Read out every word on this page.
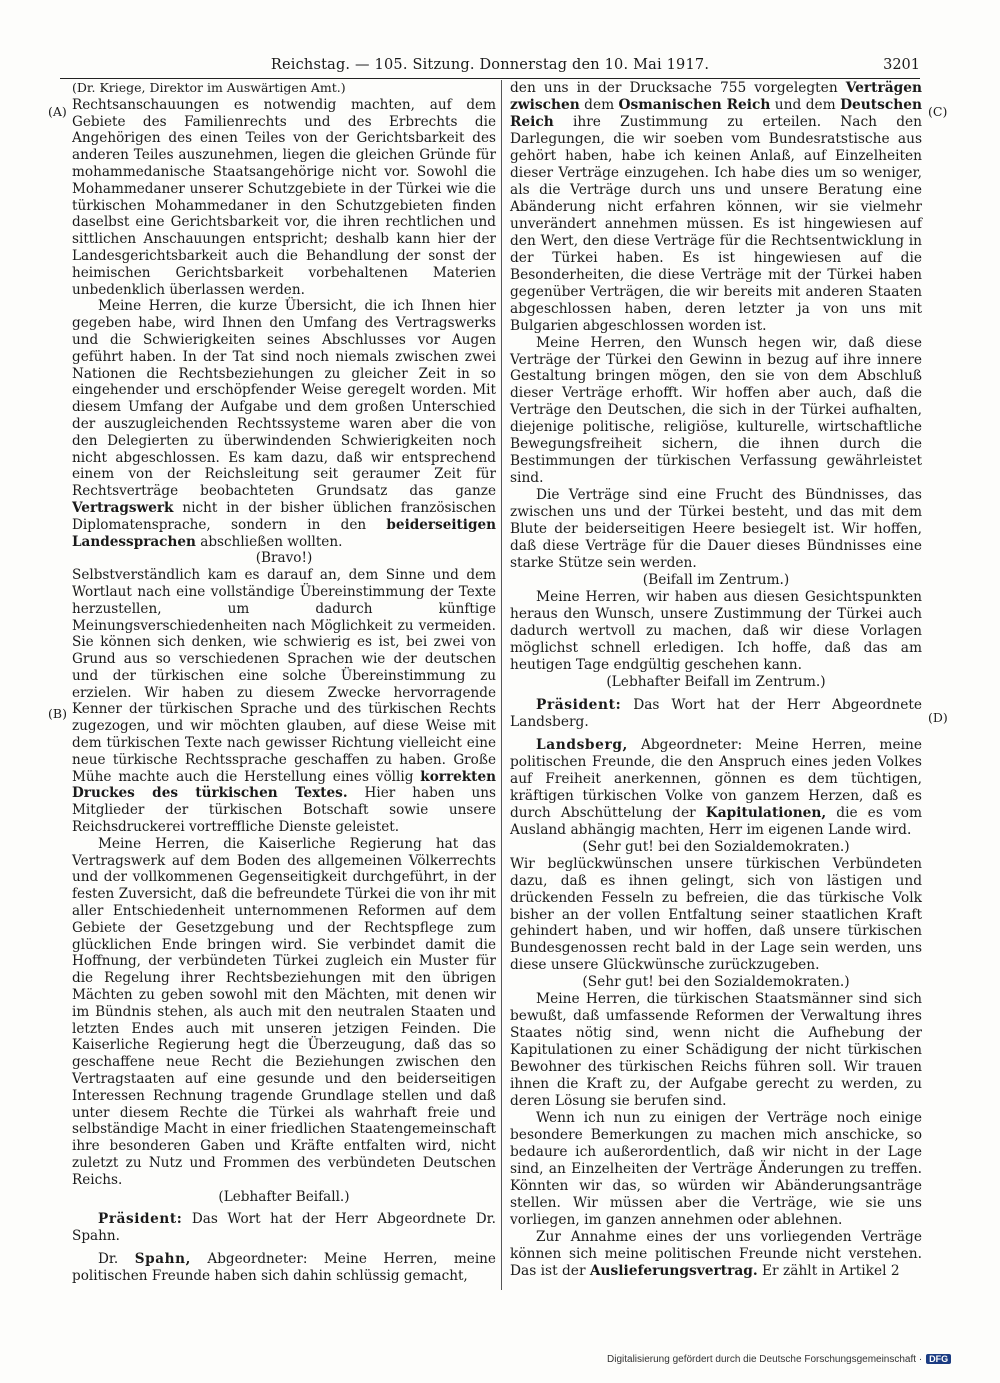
Reichstag. — 105. Sitzung. Donnerstag den 10. Mai 1917.	3201
(A)
(B)
(C)
(D)

(Dr. Kriege, Direktor im Auswärtigen Amt.)

Rechtsanschauungen es notwendig machten, auf dem Gebiete des Familienrechts und des Erbrechts die Angehörigen des einen Teiles von der Gerichtsbarkeit des anderen Teiles auszunehmen, liegen die gleichen Gründe für mohammedanische Staatsangehörige nicht vor. Sowohl die Mohammedaner unserer Schutzgebiete in der Türkei wie die türkischen Mohammedaner in den Schutzgebieten finden daselbst eine Gerichtsbarkeit vor, die ihren rechtlichen und sittlichen Anschauungen entspricht; deshalb kann hier der Landesgerichtsbarkeit auch die Behandlung der sonst der heimischen Gerichtsbarkeit vorbehaltenen Materien unbedenklich überlassen werden.

Meine Herren, die kurze Übersicht, die ich Ihnen hier gegeben habe, wird Ihnen den Umfang des Vertragswerks und die Schwierigkeiten seines Abschlusses vor Augen geführt haben. In der Tat sind noch niemals zwischen zwei Nationen die Rechtsbeziehungen zu gleicher Zeit in so eingehender und erschöpfender Weise geregelt worden. Mit diesem Umfang der Aufgabe und dem großen Unterschied der auszugleichenden Rechtssysteme waren aber die von den Delegierten zu überwindenden Schwierigkeiten noch nicht abgeschlossen. Es kam dazu, daß wir entsprechend einem von der Reichsleitung seit geraumer Zeit für Rechtsverträge beobachteten Grundsatz das ganze Vertragswerk nicht in der bisher üblichen französischen Diplomatensprache, sondern in den beiderseitigen Landessprachen abschließen wollten.

(Bravo!)

Selbstverständlich kam es darauf an, dem Sinne und dem Wortlaut nach eine vollständige Übereinstimmung der Texte herzustellen, um dadurch künftige Meinungsverschiedenheiten nach Möglichkeit zu vermeiden. Sie können sich denken, wie schwierig es ist, bei zwei von Grund aus so verschiedenen Sprachen wie der deutschen und der türkischen eine solche Übereinstimmung zu erzielen. Wir haben zu diesem Zwecke hervorragende Kenner der türkischen Sprache und des türkischen Rechts zugezogen, und wir möchten glauben, auf diese Weise mit dem türkischen Texte nach gewisser Richtung vielleicht eine neue türkische Rechtssprache geschaffen zu haben. Große Mühe machte auch die Herstellung eines völlig korrekten Druckes des türkischen Textes. Hier haben uns Mitglieder der türkischen Botschaft sowie unsere Reichsdruckerei vortreffliche Dienste geleistet.

Meine Herren, die Kaiserliche Regierung hat das Vertragswerk auf dem Boden des allgemeinen Völkerrechts und der vollkommenen Gegenseitigkeit durchgeführt, in der festen Zuversicht, daß die befreundete Türkei die von ihr mit aller Entschiedenheit unternommenen Reformen auf dem Gebiete der Gesetzgebung und der Rechtspflege zum glücklichen Ende bringen wird. Sie verbindet damit die Hoffnung, der verbündeten Türkei zugleich ein Muster für die Regelung ihrer Rechtsbeziehungen mit den übrigen Mächten zu geben sowohl mit den Mächten, mit denen wir im Bündnis stehen, als auch mit den neutralen Staaten und letzten Endes auch mit unseren jetzigen Feinden. Die Kaiserliche Regierung hegt die Überzeugung, daß das so geschaffene neue Recht die Beziehungen zwischen den Vertragstaaten auf eine gesunde und den beiderseitigen Interessen Rechnung tragende Grundlage stellen und daß unter diesem Rechte die Türkei als wahrhaft freie und selbständige Macht in einer friedlichen Staatengemeinschaft ihre besonderen Gaben und Kräfte entfalten wird, nicht zuletzt zu Nutz und Frommen des verbündeten Deutschen Reichs.

(Lebhafter Beifall.)

Präsident: Das Wort hat der Herr Abgeordnete Dr. Spahn.

Dr. Spahn, Abgeordneter: Meine Herren, meine politischen Freunde haben sich dahin schlüssig gemacht,

den uns in der Drucksache 755 vorgelegten Verträgen zwischen dem Osmanischen Reich und dem Deutschen Reich ihre Zustimmung zu erteilen. Nach den Darlegungen, die wir soeben vom Bundesratstische aus gehört haben, habe ich keinen Anlaß, auf Einzelheiten dieser Verträge einzugehen. Ich habe dies um so weniger, als die Verträge durch uns und unsere Beratung eine Abänderung nicht erfahren können, wir sie vielmehr unverändert annehmen müssen. Es ist hingewiesen auf den Wert, den diese Verträge für die Rechtsentwicklung in der Türkei haben. Es ist hingewiesen auf die Besonderheiten, die diese Verträge mit der Türkei haben gegenüber Verträgen, die wir bereits mit anderen Staaten abgeschlossen haben, deren letzter ja von uns mit Bulgarien abgeschlossen worden ist.

Meine Herren, den Wunsch hegen wir, daß diese Verträge der Türkei den Gewinn in bezug auf ihre innere Gestaltung bringen mögen, den sie von dem Abschluß dieser Verträge erhofft. Wir hoffen aber auch, daß die Verträge den Deutschen, die sich in der Türkei aufhalten, diejenige politische, religiöse, kulturelle, wirtschaftliche Bewegungsfreiheit sichern, die ihnen durch die Bestimmungen der türkischen Verfassung gewährleistet sind.

Die Verträge sind eine Frucht des Bündnisses, das zwischen uns und der Türkei besteht, und das mit dem Blute der beiderseitigen Heere besiegelt ist. Wir hoffen, daß diese Verträge für die Dauer dieses Bündnisses eine starke Stütze sein werden.

(Beifall im Zentrum.)

Meine Herren, wir haben aus diesen Gesichtspunkten heraus den Wunsch, unsere Zustimmung der Türkei auch dadurch wertvoll zu machen, daß wir diese Vorlagen möglichst schnell erledigen. Ich hoffe, daß das am heutigen Tage endgültig geschehen kann.

(Lebhafter Beifall im Zentrum.)

Präsident: Das Wort hat der Herr Abgeordnete Landsberg.

Landsberg, Abgeordneter: Meine Herren, meine politischen Freunde, die den Anspruch eines jeden Volkes auf Freiheit anerkennen, gönnen es dem tüchtigen, kräftigen türkischen Volke von ganzem Herzen, daß es durch Abschüttelung der Kapitulationen, die es vom Ausland abhängig machten, Herr im eigenen Lande wird.

(Sehr gut! bei den Sozialdemokraten.)

Wir beglückwünschen unsere türkischen Verbündeten dazu, daß es ihnen gelingt, sich von lästigen und drückenden Fesseln zu befreien, die das türkische Volk bisher an der vollen Entfaltung seiner staatlichen Kraft gehindert haben, und wir hoffen, daß unsere türkischen Bundesgenossen recht bald in der Lage sein werden, uns diese unsere Glückwünsche zurückzugeben.

(Sehr gut! bei den Sozialdemokraten.)

Meine Herren, die türkischen Staatsmänner sind sich bewußt, daß umfassende Reformen der Verwaltung ihres Staates nötig sind, wenn nicht die Aufhebung der Kapitulationen zu einer Schädigung der nicht türkischen Bewohner des türkischen Reichs führen soll. Wir trauen ihnen die Kraft zu, der Aufgabe gerecht zu werden, zu deren Lösung sie berufen sind.

Wenn ich nun zu einigen der Verträge noch einige besondere Bemerkungen zu machen mich anschicke, so bedaure ich außerordentlich, daß wir nicht in der Lage sind, an Einzelheiten der Verträge Änderungen zu treffen. Könnten wir das, so würden wir Abänderungsanträge stellen. Wir müssen aber die Verträge, wie sie uns vorliegen, im ganzen annehmen oder ablehnen.

Zur Annahme eines der uns vorliegenden Verträge können sich meine politischen Freunde nicht verstehen. Das ist der Auslieferungsvertrag. Er zählt in Artikel 2

Digitalisierung gefördert durch die Deutsche Forschungsgemeinschaft · DFG
